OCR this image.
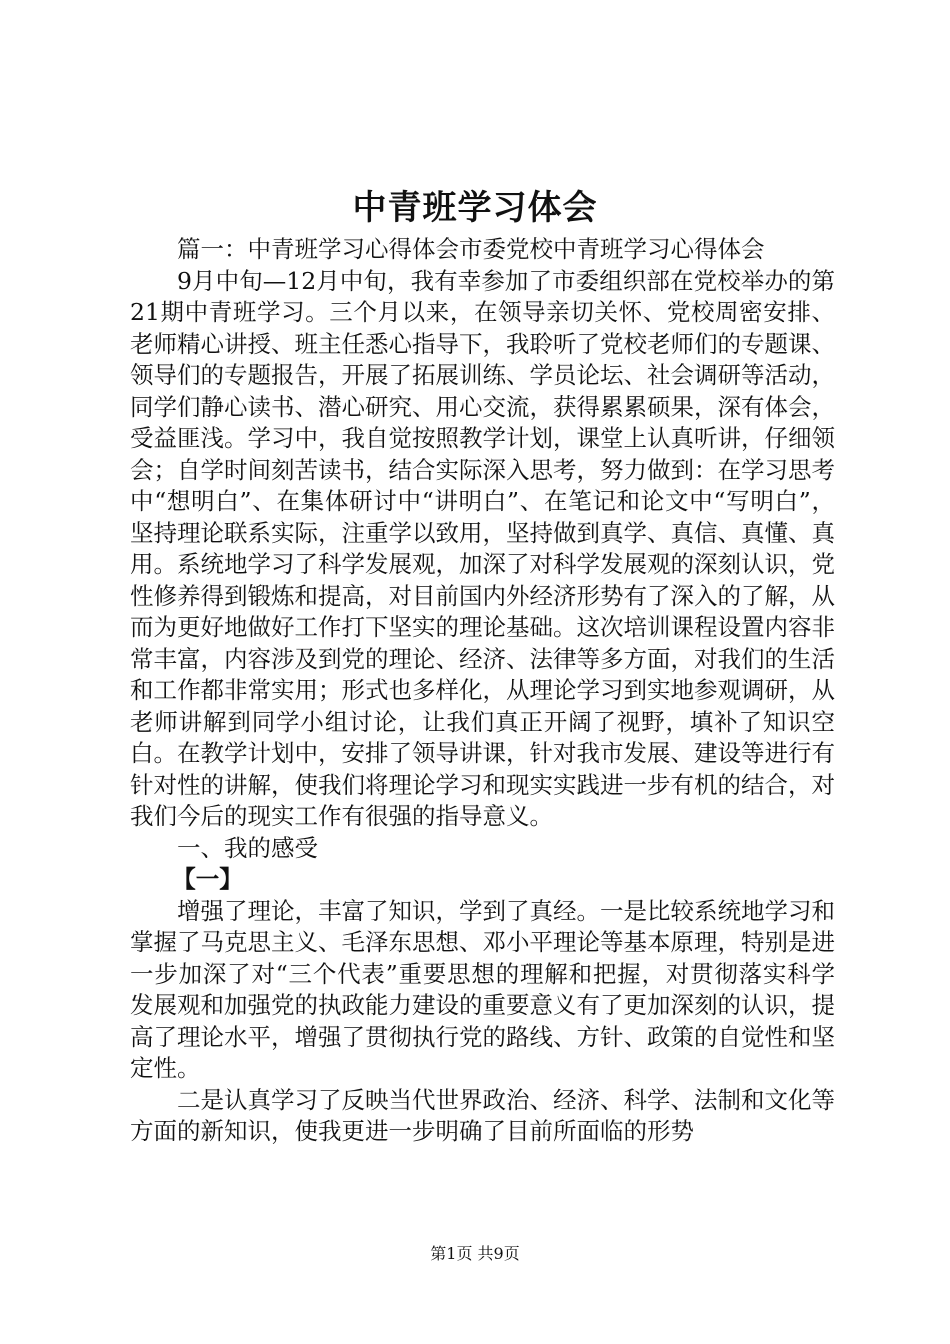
中青班学习体会

篇一：中青班学习心得体会市委党校中青班学习心得体会

9月中旬—12月中旬，我有幸参加了市委组织部在党校举办的第21期中青班学习。三个月以来，在领导亲切关怀、党校周密安排、老师精心讲授、班主任悉心指导下，我聆听了党校老师们的专题课、领导们的专题报告，开展了拓展训练、学员论坛、社会调研等活动，同学们静心读书、潜心研究、用心交流，获得累累硕果，深有体会，受益匪浅。学习中，我自觉按照教学计划，课堂上认真听讲，仔细领会；自学时间刻苦读书，结合实际深入思考，努力做到：在学习思考中“想明白”、在集体研讨中“讲明白”、在笔记和论文中“写明白”，坚持理论联系实际，注重学以致用，坚持做到真学、真信、真懂、真用。系统地学习了科学发展观，加深了对科学发展观的深刻认识，党性修养得到锻炼和提高，对目前国内外经济形势有了深入的了解，从而为更好地做好工作打下坚实的理论基础。这次培训课程设置内容非常丰富，内容涉及到党的理论、经济、法律等多方面，对我们的生活和工作都非常实用；形式也多样化，从理论学习到实地参观调研，从老师讲解到同学小组讨论，让我们真正开阔了视野，填补了知识空白。在教学计划中，安排了领导讲课，针对我市发展、建设等进行有针对性的讲解，使我们将理论学习和现实实践进一步有机的结合，对我们今后的现实工作有很强的指导意义。

一、我的感受

【一】

增强了理论，丰富了知识，学到了真经。一是比较系统地学习和掌握了马克思主义、毛泽东思想、邓小平理论等基本原理，特别是进一步加深了对“三个代表”重要思想的理解和把握，对贯彻落实科学发展观和加强党的执政能力建设的重要意义有了更加深刻的认识，提高了理论水平，增强了贯彻执行党的路线、方针、政策的自觉性和坚定性。

二是认真学习了反映当代世界政治、经济、科学、法制和文化等方面的新知识，使我更进一步明确了目前所面临的形势

第1页 共9页
